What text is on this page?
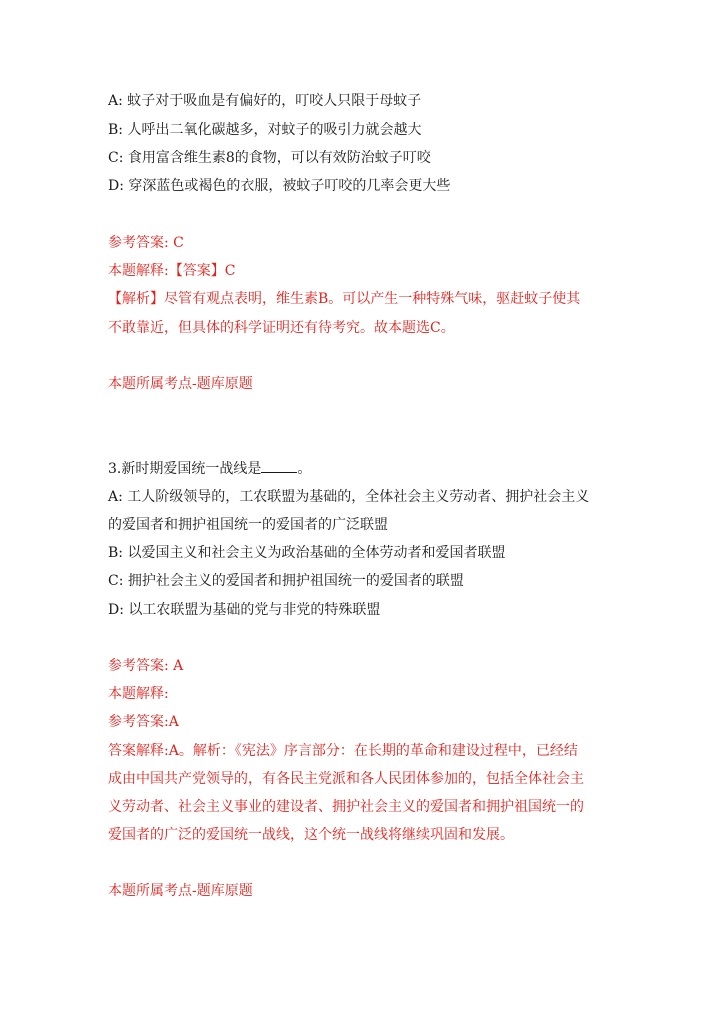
A: 蚊子对于吸血是有偏好的，叮咬人只限于母蚊子
B: 人呼出二氧化碳越多，对蚊子的吸引力就会越大
C: 食用富含维生素8的食物，可以有效防治蚊子叮咬
D: 穿深蓝色或褐色的衣服，被蚊子叮咬的几率会更大些
参考答案: C
本题解释:【答案】C
【解析】尽管有观点表明，维生素B。可以产生一种特殊气味，驱赶蚊子使其
不敢靠近，但具体的科学证明还有待考究。故本题选C。
本题所属考点-题库原题
3.新时期爱国统一战线是	。
A: 工人阶级领导的，工农联盟为基础的，全体社会主义劳动者、拥护社会主义
的爱国者和拥护祖国统一的爱国者的广泛联盟
B: 以爱国主义和社会主义为政治基础的全体劳动者和爱国者联盟
C: 拥护社会主义的爱国者和拥护祖国统一的爱国者的联盟
D: 以工农联盟为基础的党与非党的特殊联盟
参考答案: A
本题解释:
参考答案:A
答案解释:A。解析：《宪法》序言部分：在长期的革命和建设过程中，已经结
成由中国共产党领导的，有各民主党派和各人民团体参加的，包括全体社会主
义劳动者、社会主义事业的建设者、拥护社会主义的爱国者和拥护祖国统一的
爱国者的广泛的爱国统一战线，这个统一战线将继续巩固和发展。
本题所属考点-题库原题
